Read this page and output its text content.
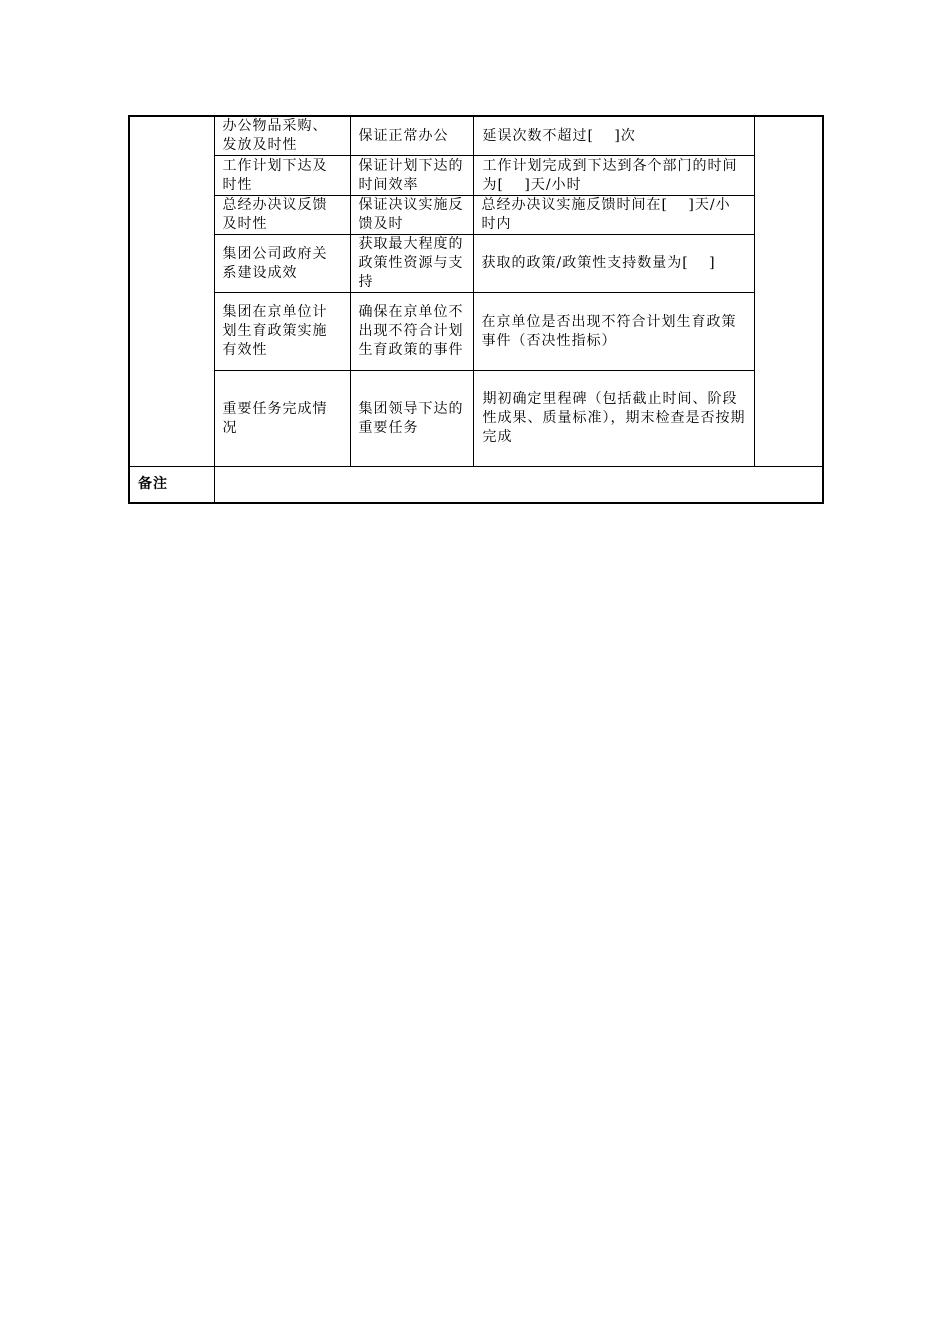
	办公物品采购、发放及时性	保证正常办公	延误次数不超过[　 ]次	
	工作计划下达及时性	保证计划下达的时间效率	工作计划完成到下达到各个部门的时间为[　 ]天/小时	
	总经办决议反馈及时性	保证决议实施反馈及时	总经办决议实施反馈时间在[　 ]天/小时内	
	集团公司政府关系建设成效	获取最大程度的政策性资源与支持	获取的政策/政策性支持数量为[　 ]	
	集团在京单位计划生育政策实施有效性	确保在京单位不出现不符合计划生育政策的事件	在京单位是否出现不符合计划生育政策事件（否决性指标）	
	重要任务完成情况	集团领导下达的重要任务	期初确定里程碑（包括截止时间、阶段性成果、质量标准），期末检查是否按期完成	
备注				
